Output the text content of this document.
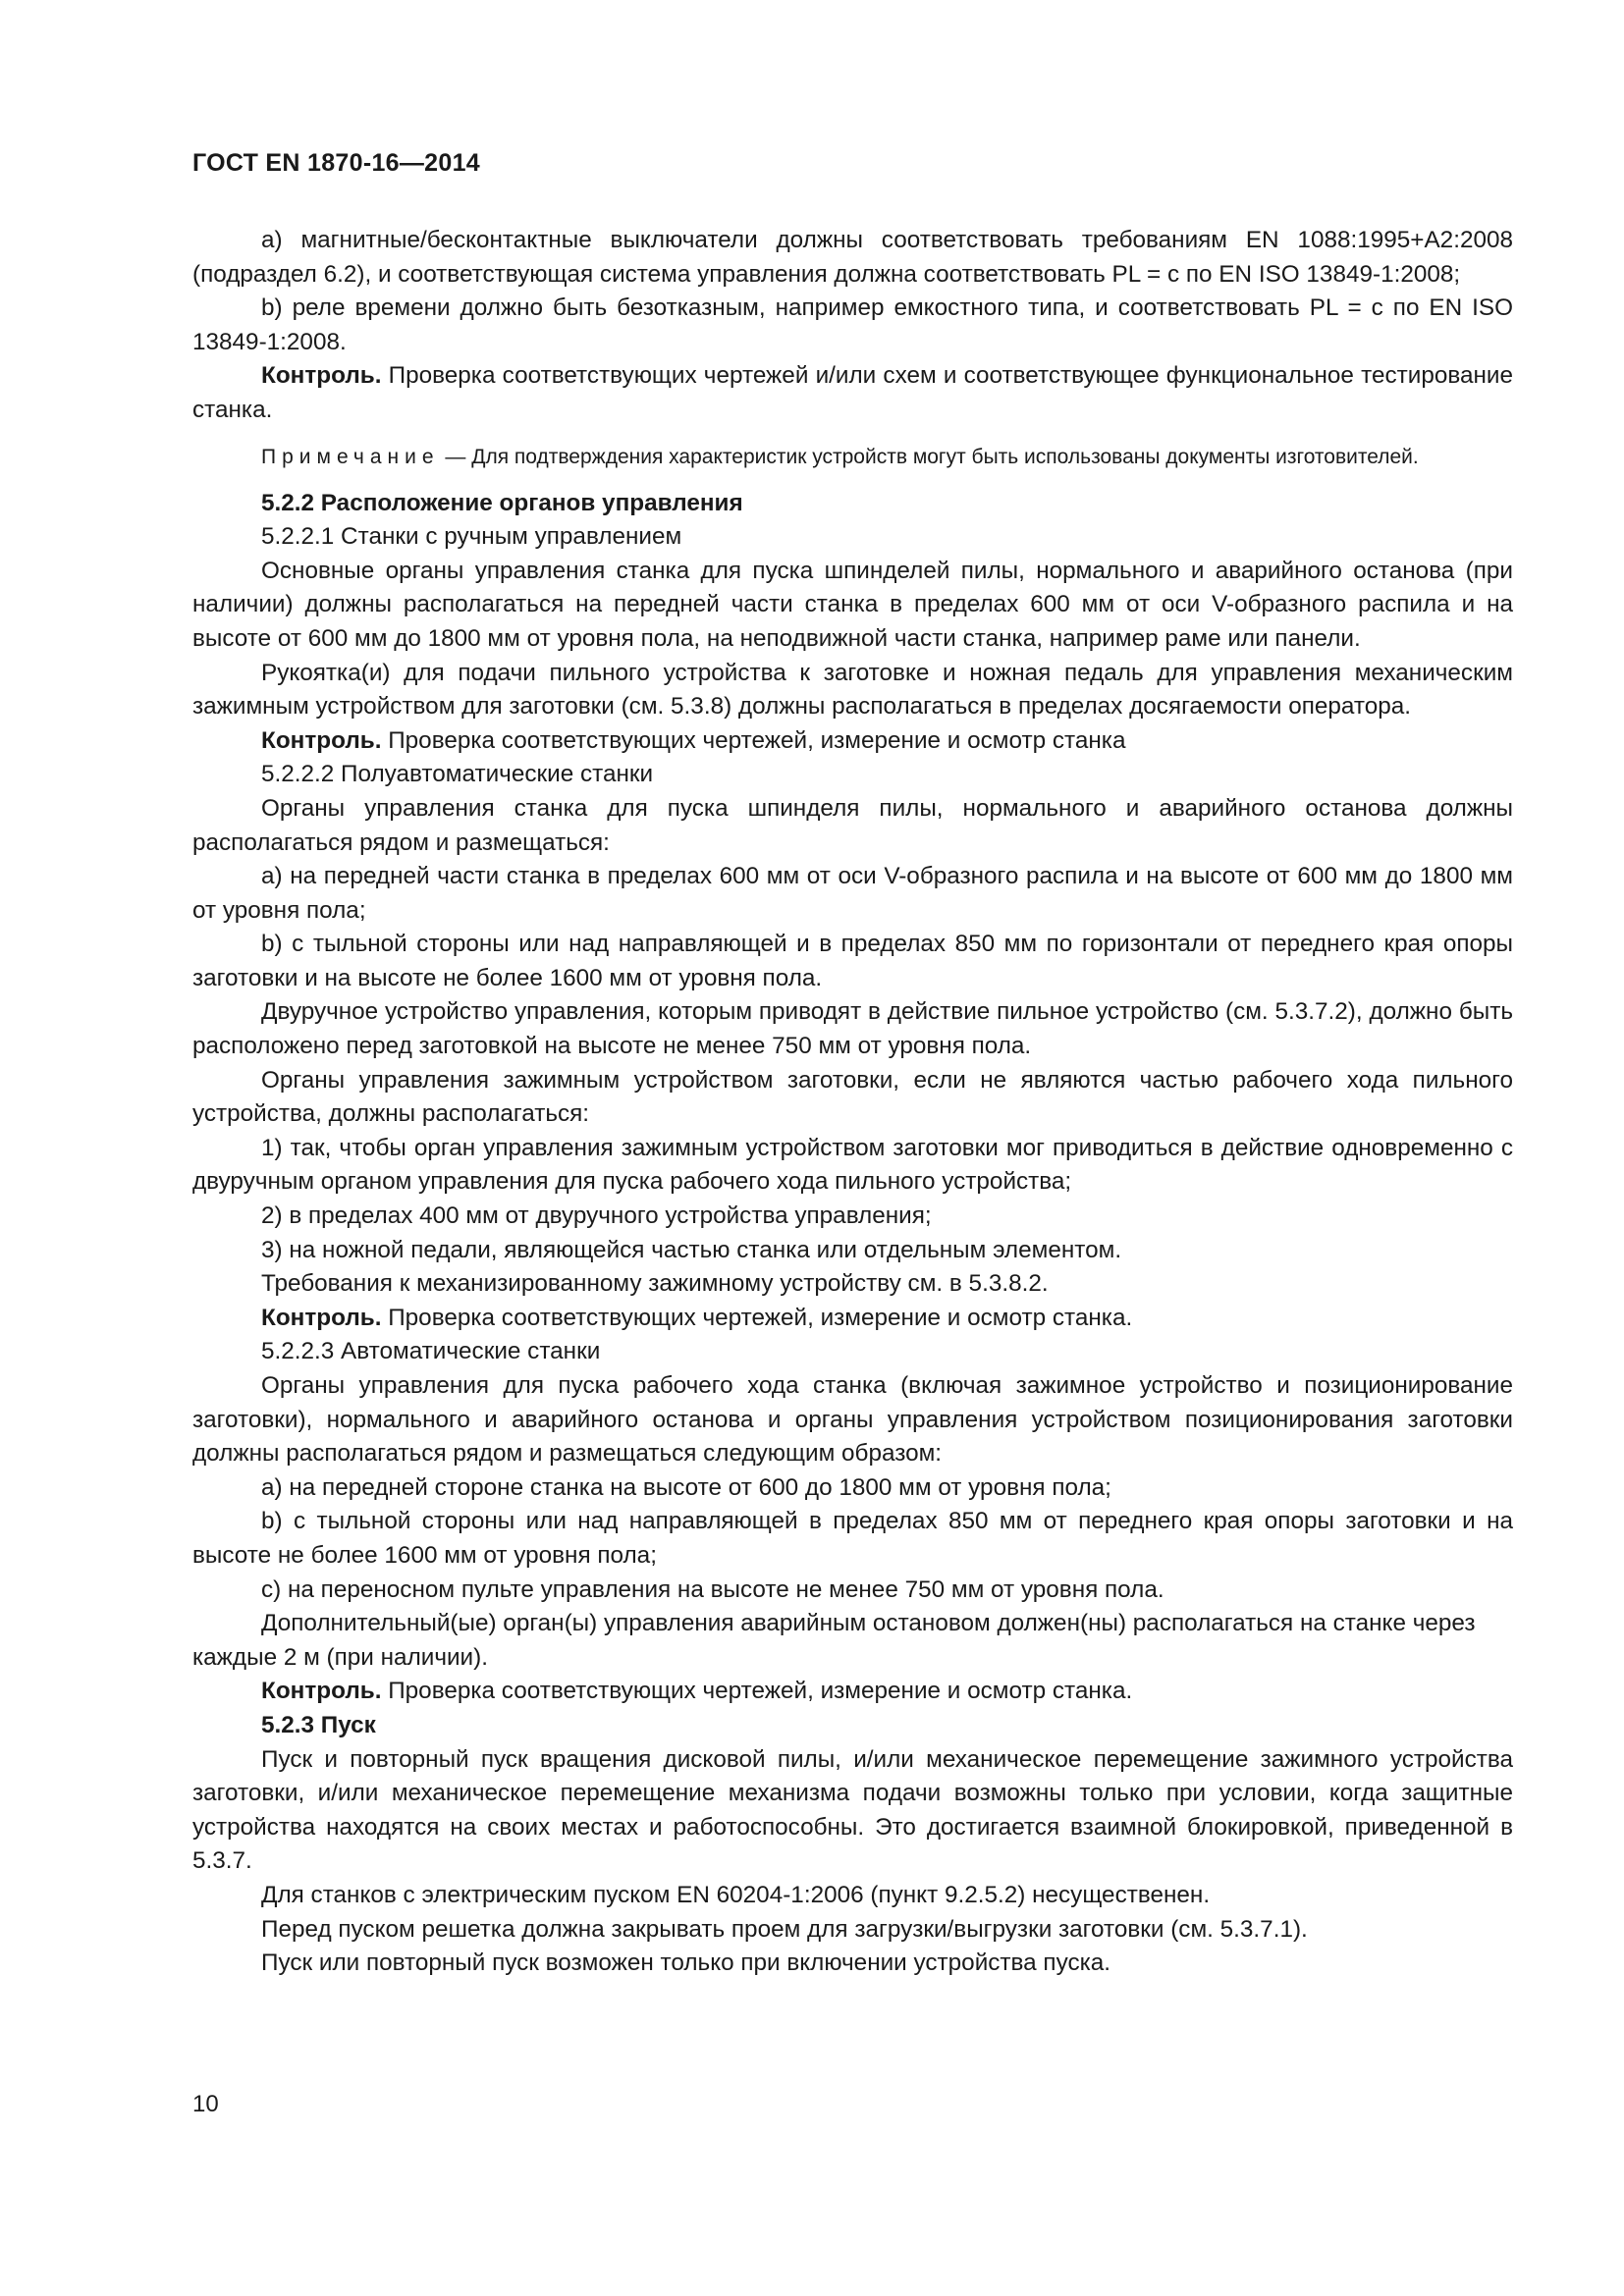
ГОСТ EN 1870-16—2014

а) магнитные/бесконтактные выключатели должны соответствовать требованиям EN 1088:1995+A2:2008 (подраздел 6.2), и соответствующая система управления должна соответствовать PL = с по EN ISO 13849-1:2008;

b) реле времени должно быть безотказным, например емкостного типа, и соответствовать PL = с по EN ISO 13849-1:2008.

Контроль. Проверка соответствующих чертежей и/или схем и соответствующее функциональное тестирование станка.

Примечание — Для подтверждения характеристик устройств могут быть использованы документы изготовителей.

5.2.2 Расположение органов управления

5.2.2.1 Станки с ручным управлением

Основные органы управления станка для пуска шпинделей пилы, нормального и аварийного останова (при наличии) должны располагаться на передней части станка в пределах 600 мм от оси V-образного распила и на высоте от 600 мм до 1800 мм от уровня пола, на неподвижной части станка, например раме или панели.

Рукоятка(и) для подачи пильного устройства к заготовке и ножная педаль для управления механическим зажимным устройством для заготовки (см. 5.3.8) должны располагаться в пределах досягаемости оператора.

Контроль. Проверка соответствующих чертежей, измерение и осмотр станка

5.2.2.2 Полуавтоматические станки

Органы управления станка для пуска шпинделя пилы, нормального и аварийного останова должны располагаться рядом и размещаться:

а) на передней части станка в пределах 600 мм от оси V-образного распила и на высоте от 600 мм до 1800 мм от уровня пола;

b) с тыльной стороны или над направляющей и в пределах 850 мм по горизонтали от переднего края опоры заготовки и на высоте не более 1600 мм от уровня пола.

Двуручное устройство управления, которым приводят в действие пильное устройство (см. 5.3.7.2), должно быть расположено перед заготовкой на высоте не менее 750 мм от уровня пола.

Органы управления зажимным устройством заготовки, если не являются частью рабочего хода пильного устройства, должны располагаться:

1) так, чтобы орган управления зажимным устройством заготовки мог приводиться в действие одновременно с двуручным органом управления для пуска рабочего хода пильного устройства;

2) в пределах 400 мм от двуручного устройства управления;

3) на ножной педали, являющейся частью станка или отдельным элементом.

Требования к механизированному зажимному устройству см. в 5.3.8.2.

Контроль. Проверка соответствующих чертежей, измерение и осмотр станка.

5.2.2.3 Автоматические станки

Органы управления для пуска рабочего хода станка (включая зажимное устройство и позиционирование заготовки), нормального и аварийного останова и органы управления устройством позиционирования заготовки должны располагаться рядом и размещаться следующим образом:

а) на передней стороне станка на высоте от 600 до 1800 мм от уровня пола;

b) с тыльной стороны или над направляющей в пределах 850 мм от переднего края опоры заготовки и на высоте не более 1600 мм от уровня пола;

с) на переносном пульте управления на высоте не менее 750 мм от уровня пола.

Дополнительный(ые) орган(ы) управления аварийным остановом должен(ны) располагаться на станке через каждые 2 м (при наличии).

Контроль. Проверка соответствующих чертежей, измерение и осмотр станка.

5.2.3 Пуск

Пуск и повторный пуск вращения дисковой пилы, и/или механическое перемещение зажимного устройства заготовки, и/или механическое перемещение механизма подачи возможны только при условии, когда защитные устройства находятся на своих местах и работоспособны. Это достигается взаимной блокировкой, приведенной в 5.3.7.

Для станков с электрическим пуском EN 60204-1:2006 (пункт 9.2.5.2) несущественен.

Перед пуском решетка должна закрывать проем для загрузки/выгрузки заготовки (см. 5.3.7.1).

Пуск или повторный пуск возможен только при включении устройства пуска.

10
